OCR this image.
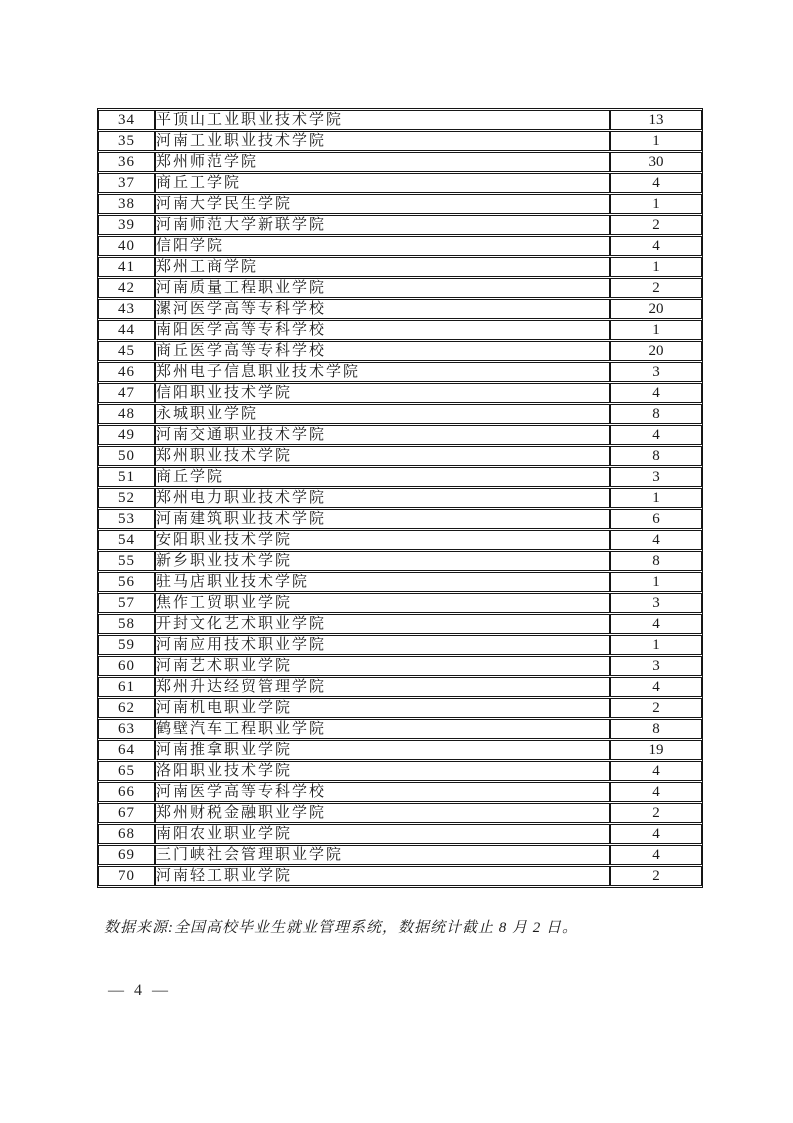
34	平顶山工业职业技术学院	13
35	河南工业职业技术学院	1
36	郑州师范学院	30
37	商丘工学院	4
38	河南大学民生学院	1
39	河南师范大学新联学院	2
40	信阳学院	4
41	郑州工商学院	1
42	河南质量工程职业学院	2
43	漯河医学高等专科学校	20
44	南阳医学高等专科学校	1
45	商丘医学高等专科学校	20
46	郑州电子信息职业技术学院	3
47	信阳职业技术学院	4
48	永城职业学院	8
49	河南交通职业技术学院	4
50	郑州职业技术学院	8
51	商丘学院	3
52	郑州电力职业技术学院	1
53	河南建筑职业技术学院	6
54	安阳职业技术学院	4
55	新乡职业技术学院	8
56	驻马店职业技术学院	1
57	焦作工贸职业学院	3
58	开封文化艺术职业学院	4
59	河南应用技术职业学院	1
60	河南艺术职业学院	3
61	郑州升达经贸管理学院	4
62	河南机电职业学院	2
63	鹤壁汽车工程职业学院	8
64	河南推拿职业学院	19
65	洛阳职业技术学院	4
66	河南医学高等专科学校	4
67	郑州财税金融职业学院	2
68	南阳农业职业学院	4
69	三门峡社会管理职业学院	4
70	河南轻工职业学院	2
数据来源:全国高校毕业生就业管理系统，数据统计截止 8 月 2 日。
— 4 —
